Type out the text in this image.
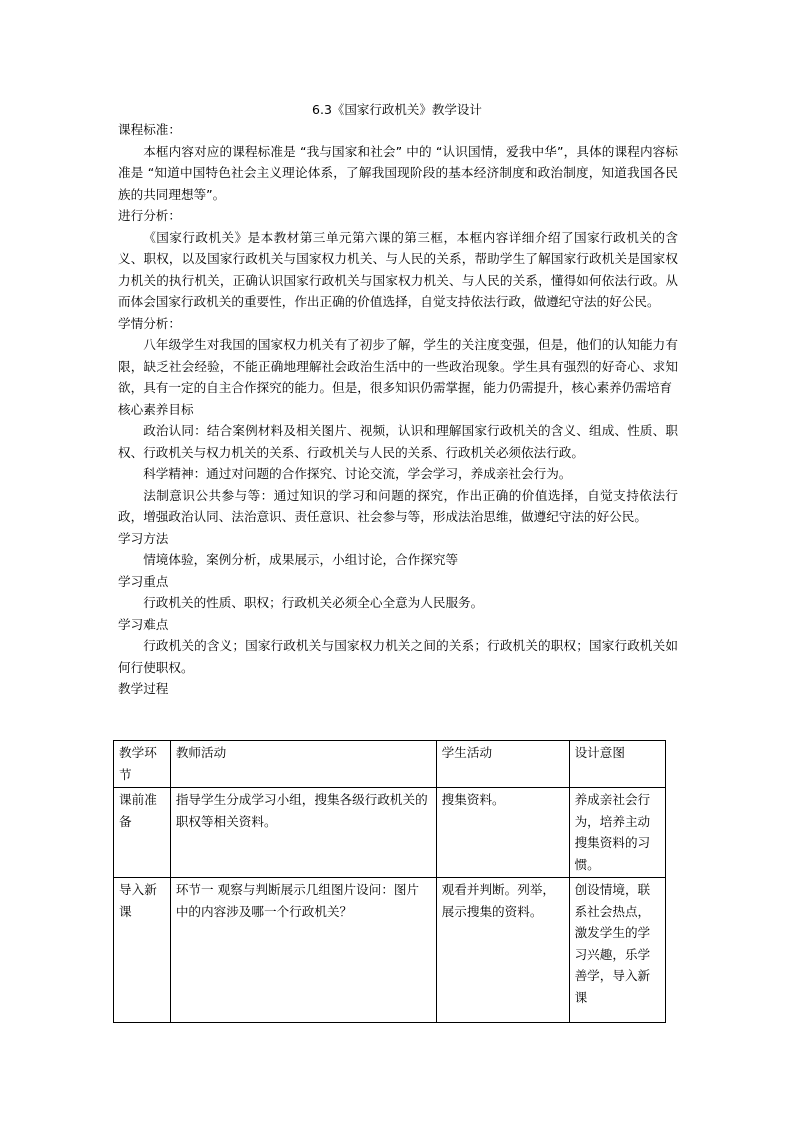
6.3《国家行政机关》教学设计

课程标准：

本框内容对应的课程标准是 “我与国家和社会” 中的 “认识国情，爱我中华”，具体的课程内容标准是 “知道中国特色社会主义理论体系，了解我国现阶段的基本经济制度和政治制度，知道我国各民族的共同理想等”。

进行分析：

《国家行政机关》是本教材第三单元第六课的第三框，本框内容详细介绍了国家行政机关的含义、职权，以及国家行政机关与国家权力机关、与人民的关系，帮助学生了解国家行政机关是国家权力机关的执行机关，正确认识国家行政机关与国家权力机关、与人民的关系，懂得如何依法行政。从而体会国家行政机关的重要性，作出正确的价值选择，自觉支持依法行政，做遵纪守法的好公民。

学情分析：

八年级学生对我国的国家权力机关有了初步了解，学生的关注度变强，但是，他们的认知能力有限，缺乏社会经验，不能正确地理解社会政治生活中的一些政治现象。学生具有强烈的好奇心、求知欲，具有一定的自主合作探究的能力。但是，很多知识仍需掌握，能力仍需提升，核心素养仍需培育

核心素养目标

政治认同：结合案例材料及相关图片、视频，认识和理解国家行政机关的含义、组成、性质、职权、行政机关与权力机关的关系、行政机关与人民的关系、行政机关必须依法行政。

科学精神：通过对问题的合作探究、讨论交流，学会学习，养成亲社会行为。

法制意识公共参与等：通过知识的学习和问题的探究，作出正确的价值选择，自觉支持依法行政，增强政治认同、法治意识、责任意识、社会参与等，形成法治思维，做遵纪守法的好公民。

学习方法

情境体验，案例分析，成果展示，小组讨论，合作探究等

学习重点

行政机关的性质、职权；行政机关必须全心全意为人民服务。

学习难点

行政机关的含义；国家行政机关与国家权力机关之间的关系；行政机关的职权；国家行政机关如何行使职权。

教学过程

教学环节	教师活动	学生活动	设计意图
课前准备	指导学生分成学习小组，搜集各级行政机关的职权等相关资料。	搜集资料。	养成亲社会行为，培养主动搜集资料的习惯。
导入新课	环节一 观察与判断展示几组图片设问：图片中的内容涉及哪一个行政机关？	观看并判断。列举，展示搜集的资料。	创设情境，联系社会热点，激发学生的学习兴趣，乐学善学，导入新课
